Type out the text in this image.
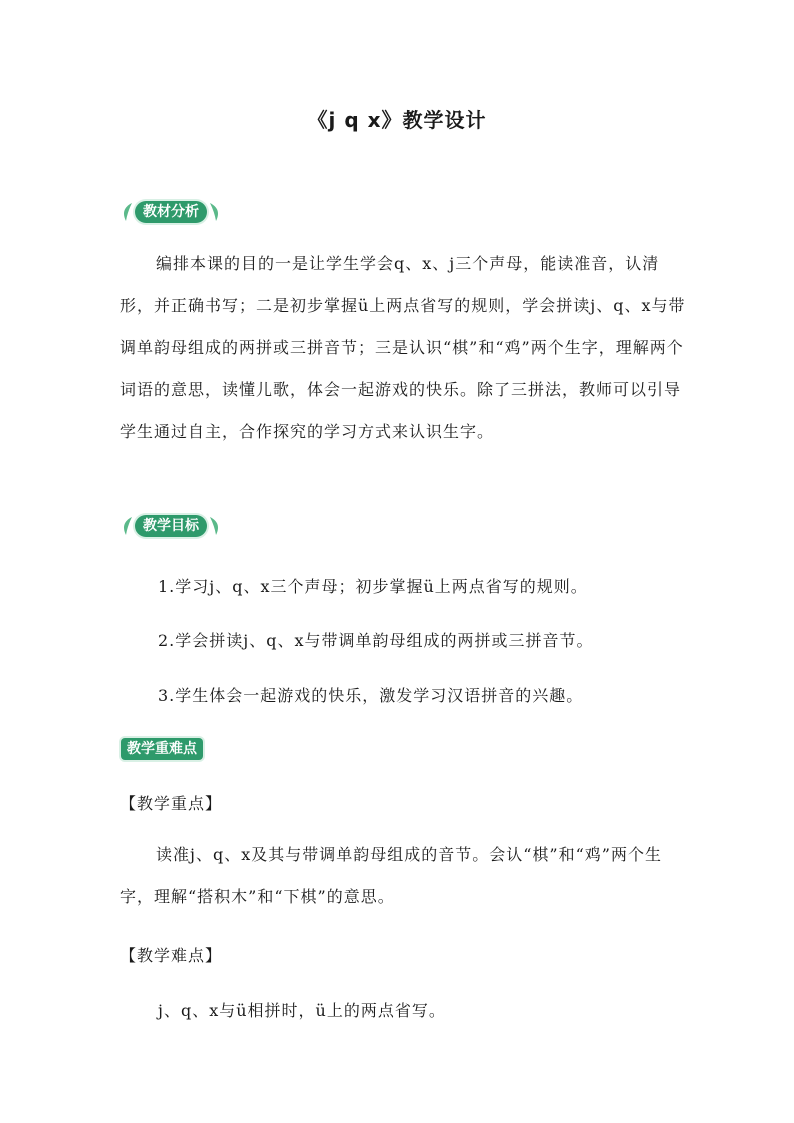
《j q x》教学设计
教材分析

编排本课的目的一是让学生学会q、x、j三个声母，能读准音，认清形，并正确书写；二是初步掌握ü上两点省写的规则，学会拼读j、q、x与带调单韵母组成的两拼或三拼音节；三是认识“棋”和“鸡”两个生字，理解两个词语的意思，读懂儿歌，体会一起游戏的快乐。除了三拼法，教师可以引导学生通过自主，合作探究的学习方式来认识生字。

教学目标
1.学习j、q、x三个声母；初步掌握ü上两点省写的规则。
2.学会拼读j、q、x与带调单韵母组成的两拼或三拼音节。
3.学生体会一起游戏的快乐，激发学习汉语拼音的兴趣。
教学重难点
【教学重点】

读准j、q、x及其与带调单韵母组成的音节。会认“棋”和“鸡”两个生字，理解“搭积木”和“下棋”的意思。

【教学难点】
j、q、x与ü相拼时，ü上的两点省写。
